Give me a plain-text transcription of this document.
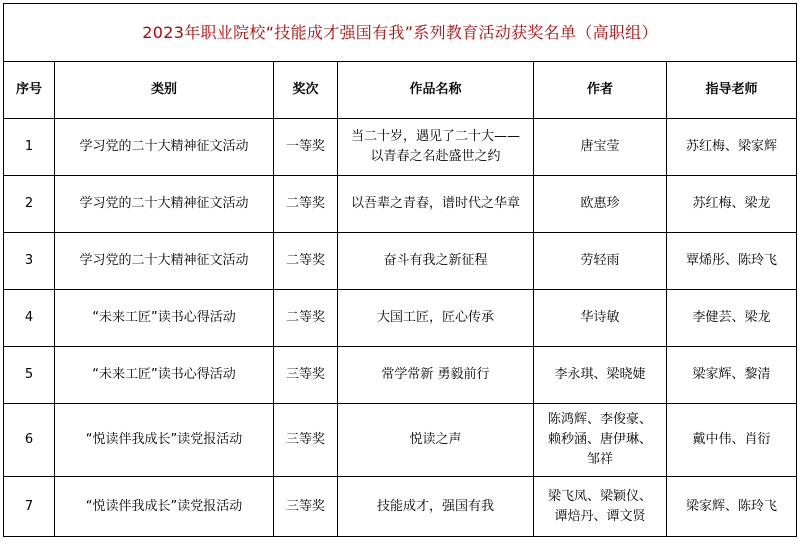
2023年职业院校“技能成才强国有我”系列教育活动获奖名单（高职组）					
序号	类别	奖次	作品名称	作者	指导老师
1	学习党的二十大精神征文活动	一等奖	当二十岁，遇见了二十大——
以青春之名赴盛世之约	唐宝莹	苏红梅、梁家辉
2	学习党的二十大精神征文活动	二等奖	以吾辈之青春，谱时代之华章	欧惠珍	苏红梅、梁龙
3	学习党的二十大精神征文活动	二等奖	奋斗有我之新征程	劳轻雨	覃烯彤、陈玲飞
4	“未来工匠”读书心得活动	二等奖	大国工匠，匠心传承	华诗敏	李健芸、梁龙
5	“未来工匠”读书心得活动	三等奖	常学常新 勇毅前行	李永琪、梁晓婕	梁家辉、黎清
6	“悦读伴我成长”读党报活动	三等奖	悦读之声	陈鸿辉、李俊豪、
赖秒涵、唐伊琳、
邹祥	戴中伟、肖衍
7	“悦读伴我成长”读党报活动	三等奖	技能成才，强国有我	梁飞凤、梁颖仪、
谭焙丹、谭文贤	梁家辉、陈玲飞
